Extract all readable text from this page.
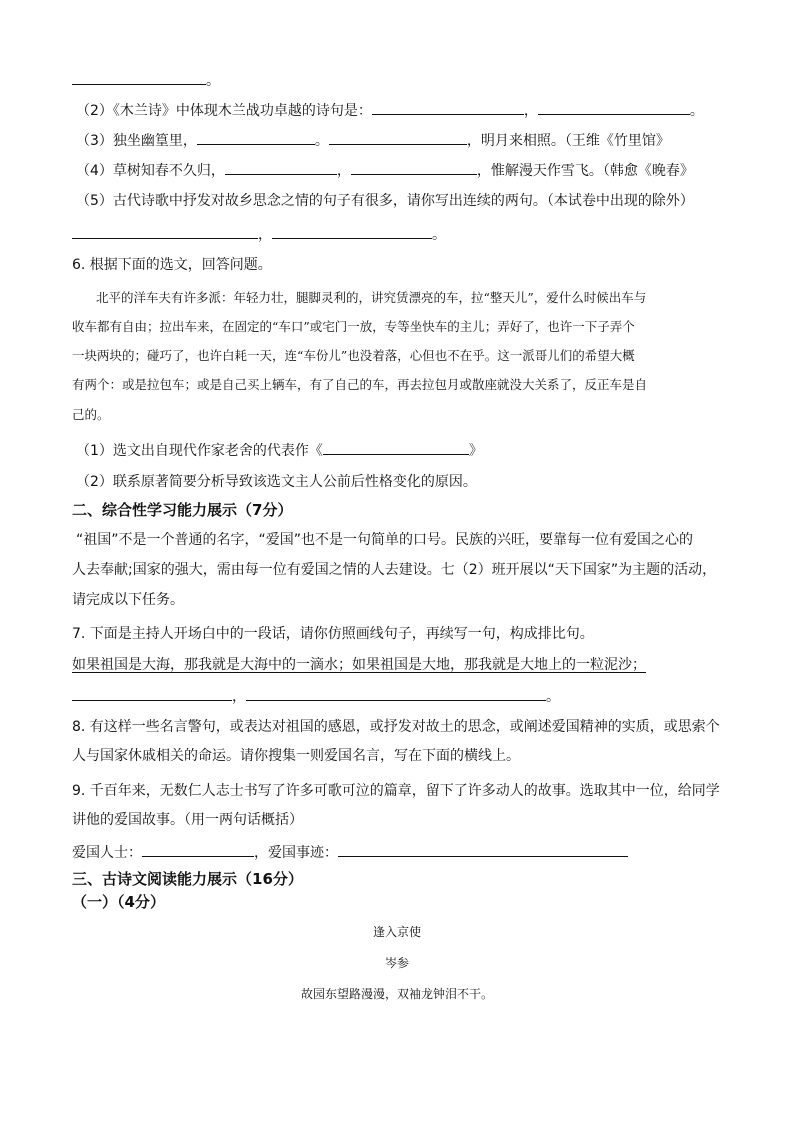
。
（2）《木兰诗》中体现木兰战功卓越的诗句是：	，	。
（3）独坐幽篁里，	。	，明月来相照。（王维《竹里馆》
（4）草树知春不久归，	，	，惟解漫天作雪飞。（韩愈《晚春》
（5）古代诗歌中抒发对故乡思念之情的句子有很多，请你写出连续的两句。（本试卷中出现的除外）
，	。
6. 根据下面的选文，回答问题。
北平的洋车夫有许多派：年轻力壮，腿脚灵利的，讲究赁漂亮的车，拉“整天儿”，爱什么时候出车与
收车都有自由；拉出车来，在固定的“车口”或宅门一放，专等坐快车的主儿；弄好了，也许一下子弄个
一块两块的；碰巧了，也许白耗一天，连“车份儿”也没着落，心但也不在乎。这一派哥儿们的希望大概
有两个：或是拉包车；或是自己买上辆车，有了自己的车，再去拉包月或散座就没大关系了，反正车是自
己的。
（1）选文出自现代作家老舍的代表作《	》
（2）联系原著简要分析导致该选文主人公前后性格变化的原因。
二、综合性学习能力展示（7分）
“祖国”不是一个普通的名字，“爱国”也不是一句简单的口号。民族的兴旺，要靠每一位有爱国之心的
人去奉献;国家的强大，需由每一位有爱国之情的人去建设。七（2）班开展以“天下国家”为主题的活动，
请完成以下任务。
7. 下面是主持人开场白中的一段话，请你仿照画线句子，再续写一句，构成排比句。
如果祖国是大海，那我就是大海中的一滴水；如果祖国是大地，那我就是大地上的一粒泥沙；
，	。
8. 有这样一些名言警句，或表达对祖国的感恩，或抒发对故土的思念，或阐述爱国精神的实质，或思索个
人与国家休戚相关的命运。请你搜集一则爱国名言，写在下面的横线上。
9. 千百年来，无数仁人志士书写了许多可歌可泣的篇章，留下了许多动人的故事。选取其中一位，给同学
讲他的爱国故事。（用一两句话概括）
爱国人士：	，爱国事迹：
三、古诗文阅读能力展示（16分）
（一）（4分）
逢入京使
岑参
故园东望路漫漫，双袖龙钟泪不干。
